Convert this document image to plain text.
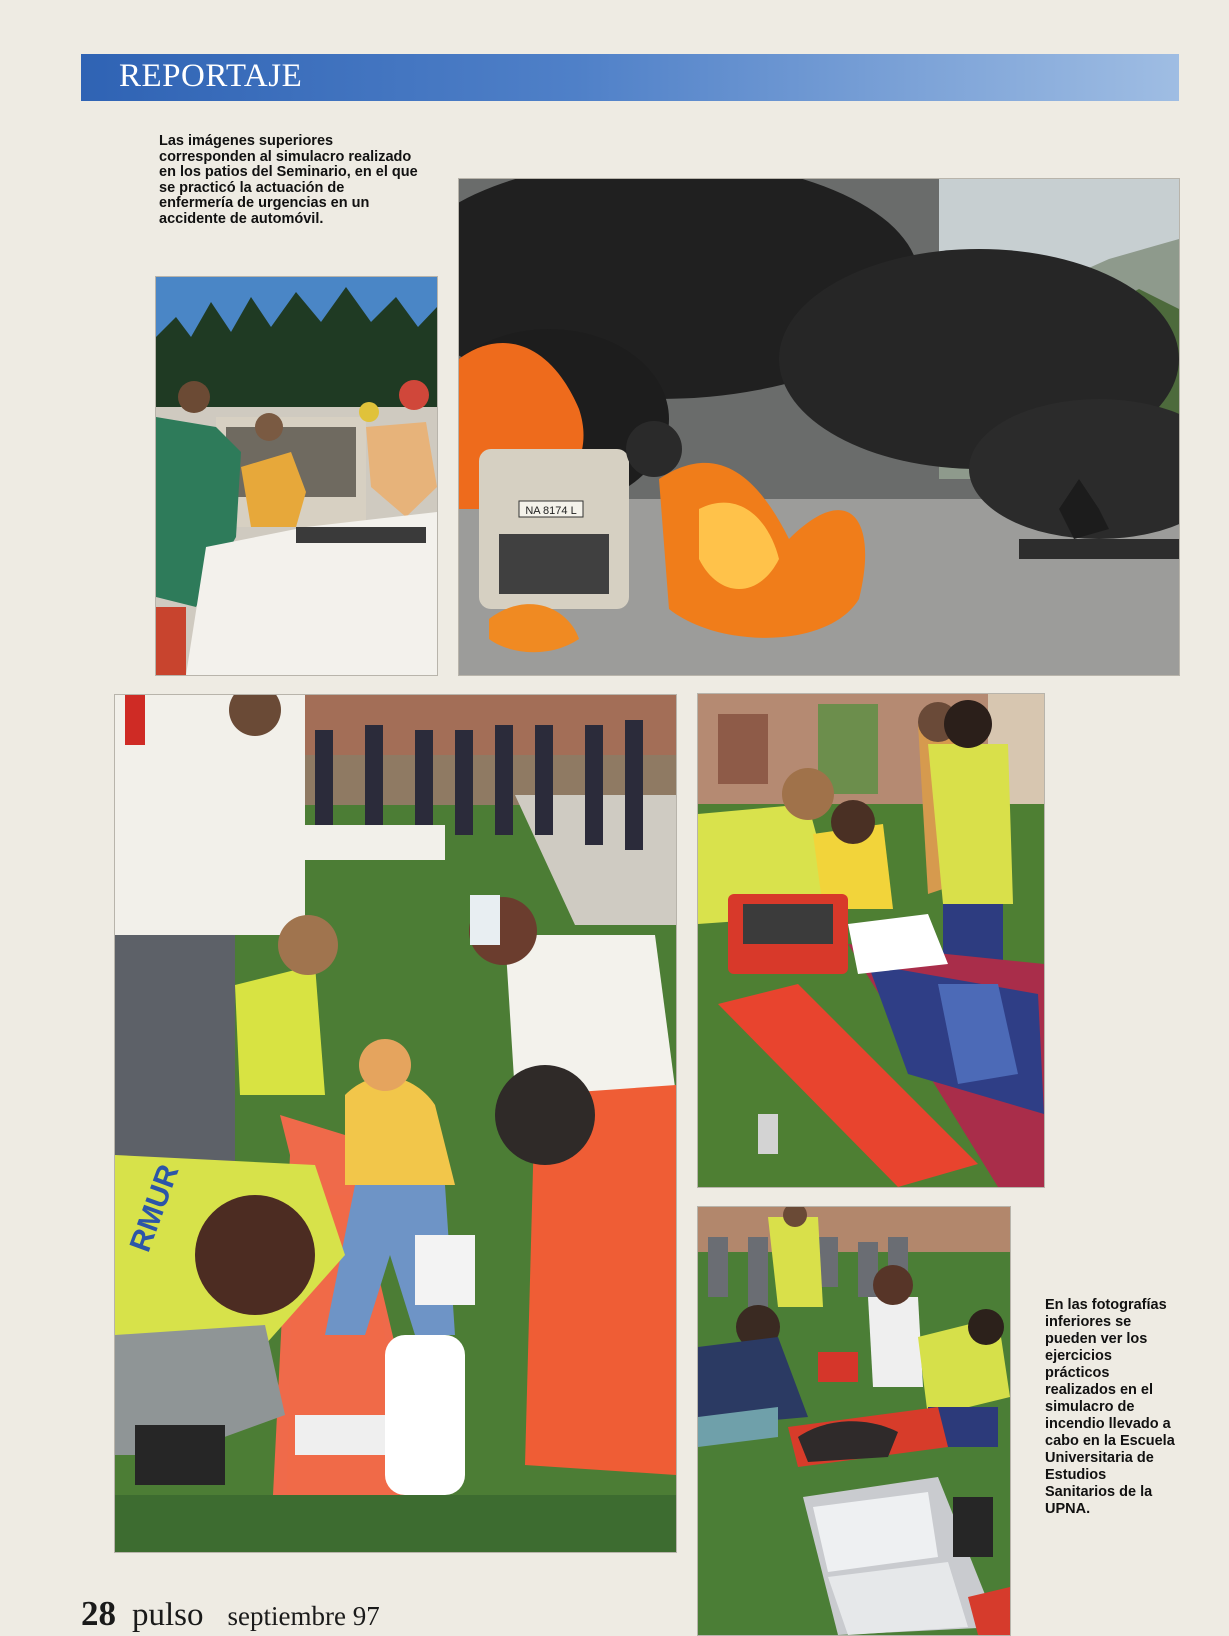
REPORTAJE
Las imágenes superiores corresponden al simulacro realizado en los patios del Seminario, en el que se practicó la actuación de enfermería de urgencias en un accidente de automóvil.
NA 8174 L
RMUR
En las fotografías inferiores se pueden ver los ejercicios prácticos realizados en el simulacro de incendio llevado a cabo en la Escuela Universitaria de Estudios Sanitarios de la UPNA.
28 pulso septiembre 97
